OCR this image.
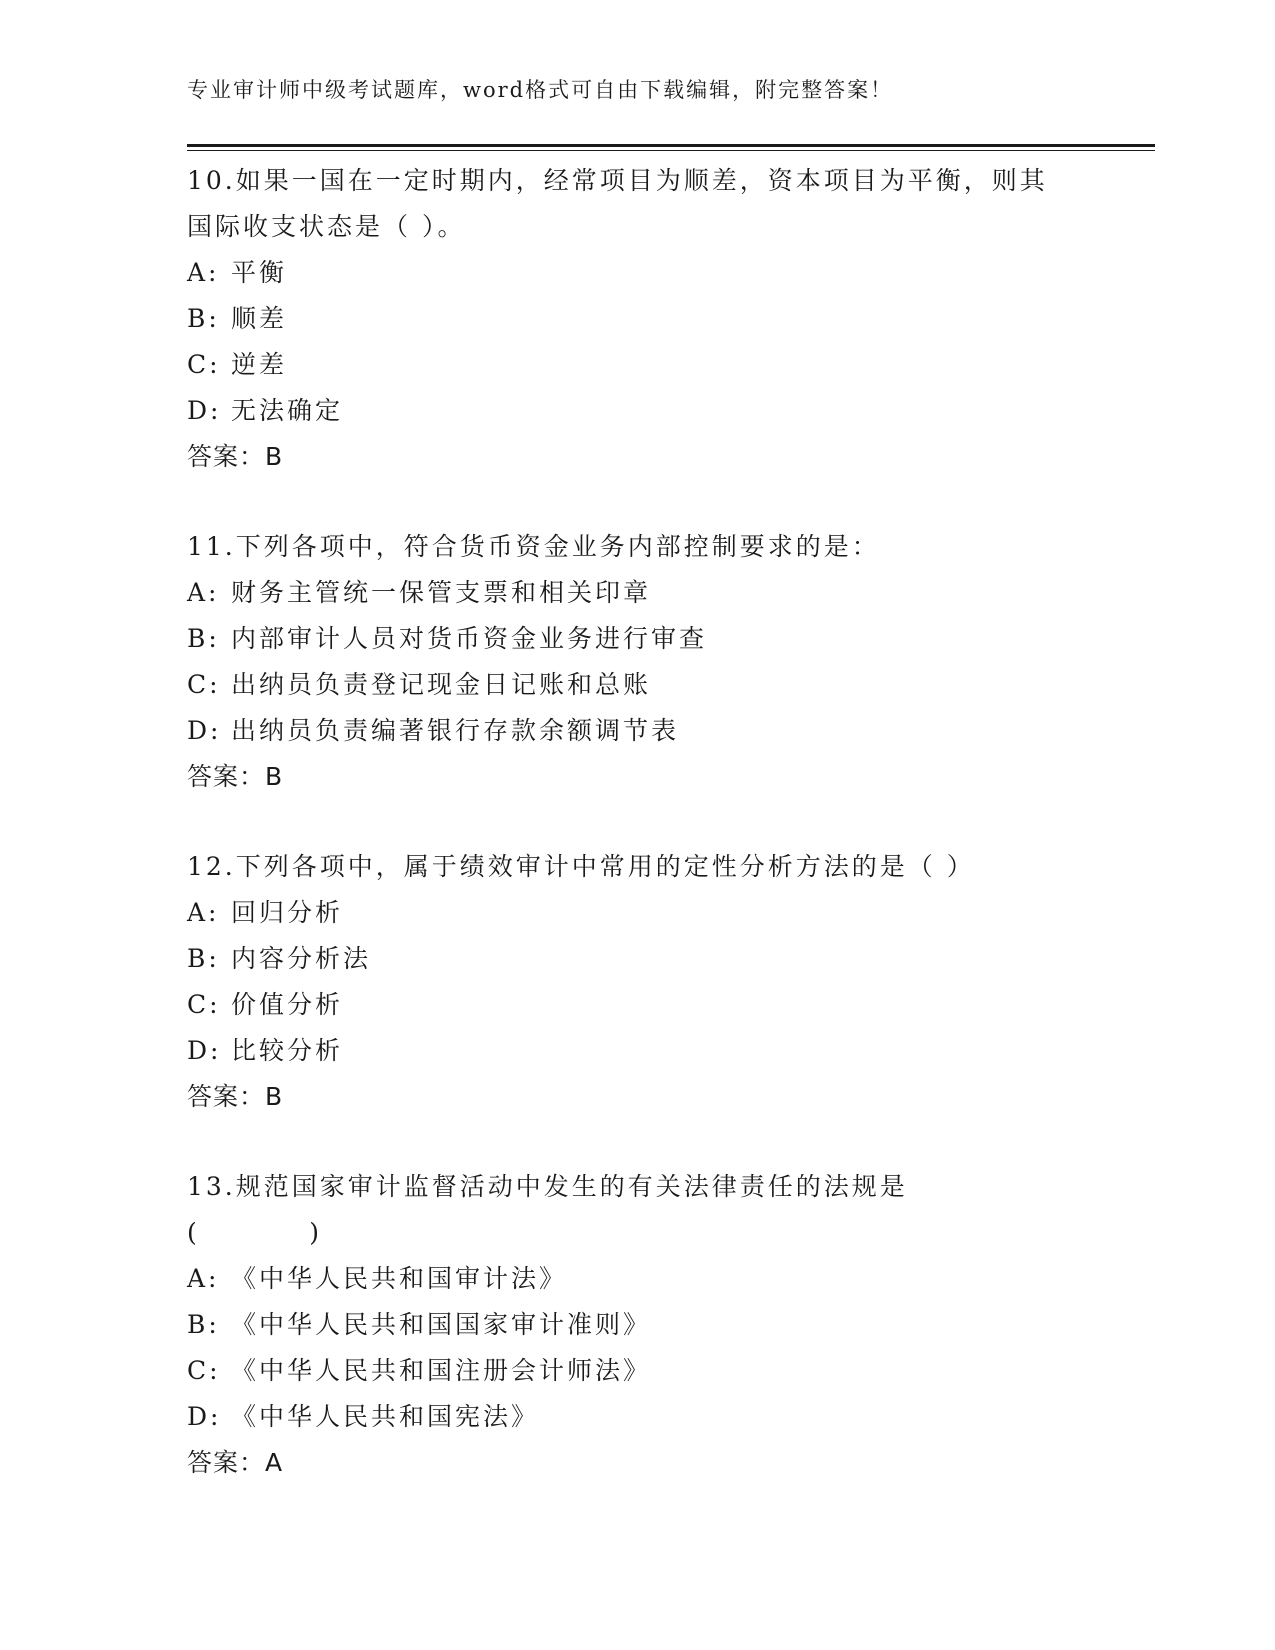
专业审计师中级考试题库，word格式可自由下载编辑，附完整答案！
10.如果一国在一定时期内，经常项目为顺差，资本项目为平衡，则其
国际收支状态是（ ）。
A: 平衡
B: 顺差
C: 逆差
D: 无法确定
答案：B
11.下列各项中，符合货币资金业务内部控制要求的是：
A: 财务主管统一保管支票和相关印章
B: 内部审计人员对货币资金业务进行审查
C: 出纳员负责登记现金日记账和总账
D: 出纳员负责编著银行存款余额调节表
答案：B
12.下列各项中，属于绩效审计中常用的定性分析方法的是（ ）
A: 回归分析
B: 内容分析法
C: 价值分析
D: 比较分析
答案：B
13.规范国家审计监督活动中发生的有关法律责任的法规是
(          )
A: 《中华人民共和国审计法》
B: 《中华人民共和国国家审计准则》
C: 《中华人民共和国注册会计师法》
D: 《中华人民共和国宪法》
答案：A
